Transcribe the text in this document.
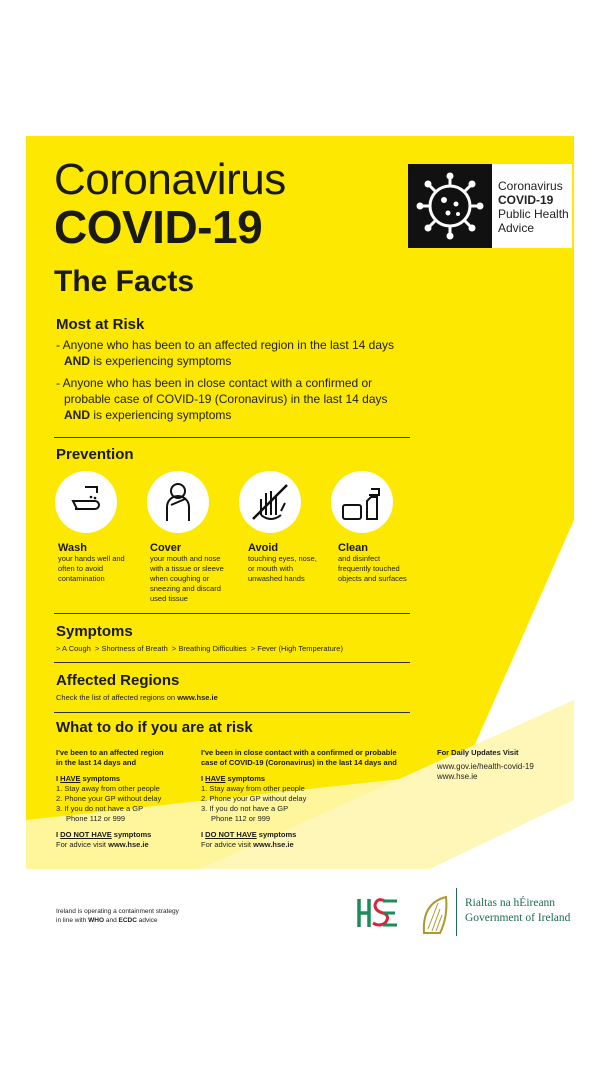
Coronavirus
COVID-19
The Facts
Coronavirus
COVID-19
Public Health
Advice
Most at Risk
- Anyone who has been to an affected region in the last 14 days
AND is experiencing symptoms
- Anyone who has been in close contact with a confirmed or
probable case of COVID-19 (Coronavirus) in the last 14 days
AND is experiencing symptoms
Prevention
Wash
your hands well and
often to avoid
contamination
Cover
your mouth and nose
with a tissue or sleeve
when coughing or
sneezing and discard
used tissue
Avoid
touching eyes, nose,
or mouth with
unwashed hands
Clean
and disinfect
frequently touched
objects and surfaces
Symptoms
> A Cough  > Shortness of Breath  > Breathing Difficulties  > Fever (High Temperature)
Affected Regions
Check the list of affected regions on www.hse.ie
What to do if you are at risk
I've been to an affected region
in the last 14 days and
I HAVE symptoms
1. Stay away from other people
2. Phone your GP without delay
3. If you do not have a GP
Phone 112 or 999
I DO NOT HAVE symptoms
For advice visit www.hse.ie
I've been in close contact with a confirmed or probable
case of COVID-19 (Coronavirus) in the last 14 days and
I HAVE symptoms
1. Stay away from other people
2. Phone your GP without delay
3. If you do not have a GP
Phone 112 or 999
I DO NOT HAVE symptoms
For advice visit www.hse.ie
For Daily Updates Visit
www.gov.ie/health-covid-19
www.hse.ie
Ireland is operating a containment strategy
in line with WHO and ECDC advice
Rialtas na hÉireann
Government of Ireland
